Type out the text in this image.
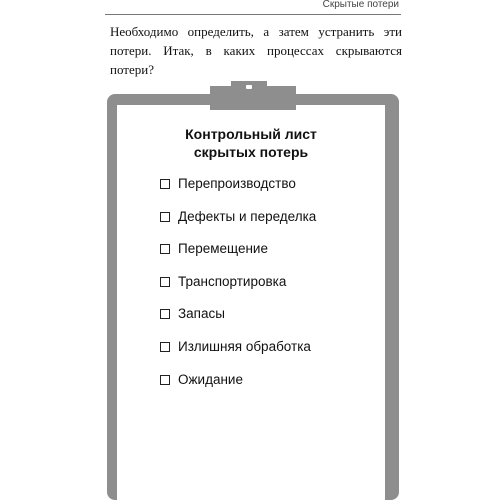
Скрытые потери

Необходимо определить, а затем устранить эти потери. Итак, в каких процессах скрываются потери?

Контрольный лист
скрытых потерь
Перепроизводство
Дефекты и переделка
Перемещение
Транспортировка
Запасы
Излишняя обработка
Ожидание
